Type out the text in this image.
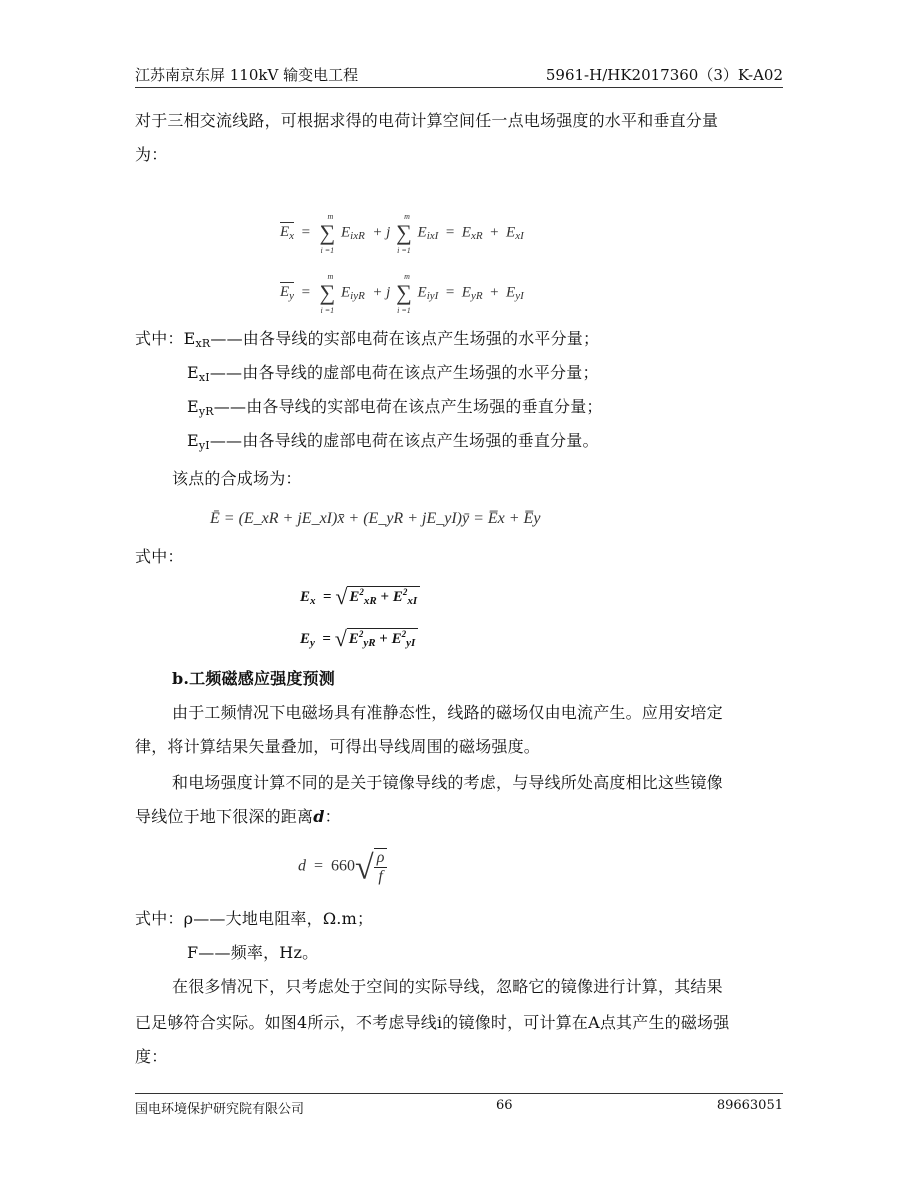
江苏南京东屏 110kV 输变电工程	5961-H/HK2017360（3）K-A02
对于三相交流线路，可根据求得的电荷计算空间任一点电场强度的水平和垂直分量
为：
$E_x$  =  ∑
m
i =1
$E_{ixR} + j$ ∑
m
i =1
$E_{ixI} = E_{xR} + E_{xI}$
$E_y$  =  ∑
m
i =1
$E_{iyR} + j$ ∑
m
i =1
$E_{iyI} = E_{yR} + E_{yI}$
式中：ExR——由各导线的实部电荷在该点产生场强的水平分量；
ExI——由各导线的虚部电荷在该点产生场强的水平分量；
EyR——由各导线的实部电荷在该点产生场强的垂直分量；
EyI——由各导线的虚部电荷在该点产生场强的垂直分量。
该点的合成场为：
Ē = (E_xR + jE_xI)x̄ + (E_yR + jE_yI)ȳ = E̅x + E̅y
式中：
$E_x$  = √ $E^2_{xR} + E^2_{xI}$
$E_y$  = √ $E^2_{yR} + E^2_{yI}$
b.工频磁感应强度预测
由于工频情况下电磁场具有准静态性，线路的磁场仅由电流产生。应用安培定
律，将计算结果矢量叠加，可得出导线周围的磁场强度。
和电场强度计算不同的是关于镜像导线的考虑，与导线所处高度相比这些镜像
导线位于地下很深的距离d：
$d = 660√ \frac{\rho}{f}$
式中：ρ——大地电阻率，Ω.m；
F——频率，Hz。
在很多情况下，只考虑处于空间的实际导线，忽略它的镜像进行计算，其结果
已足够符合实际。如图4所示，不考虑导线i的镜像时，可计算在A点其产生的磁场强
度：
国电环境保护研究院有限公司	66	89663051
